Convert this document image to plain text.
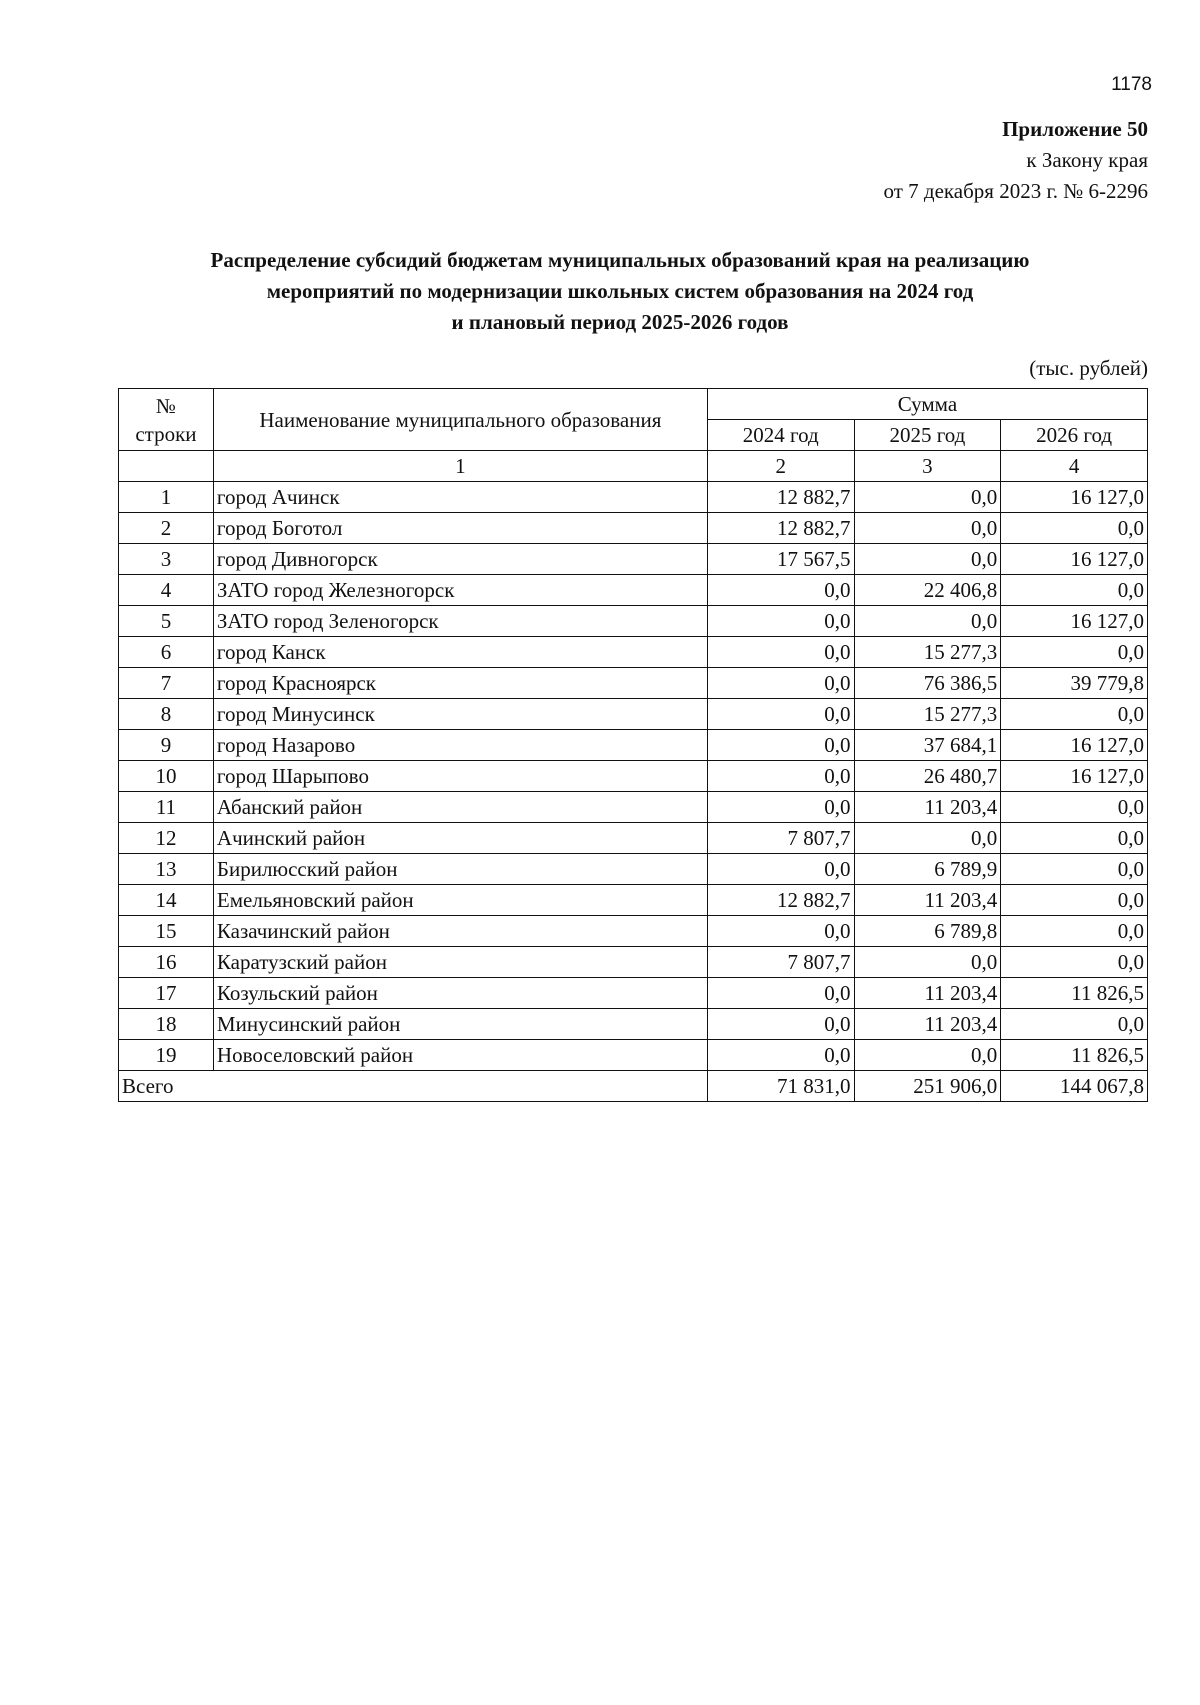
1178
Приложение 50
к Закону края
от 7 декабря 2023 г. № 6-2296
Распределение субсидий бюджетам муниципальных образований края на реализацию
мероприятий по модернизации школьных систем образования на 2024 год
и плановый период 2025-2026 годов
(тыс. рублей)
№
строки	Наименование муниципального образования	Сумма		
		2024 год	2025 год	2026 год
	1	2	3	4
1	город Ачинск	12 882,7	0,0	16 127,0
2	город Боготол	12 882,7	0,0	0,0
3	город Дивногорск	17 567,5	0,0	16 127,0
4	ЗАТО город Железногорск	0,0	22 406,8	0,0
5	ЗАТО город Зеленогорск	0,0	0,0	16 127,0
6	город Канск	0,0	15 277,3	0,0
7	город Красноярск	0,0	76 386,5	39 779,8
8	город Минусинск	0,0	15 277,3	0,0
9	город Назарово	0,0	37 684,1	16 127,0
10	город Шарыпово	0,0	26 480,7	16 127,0
11	Абанский район	0,0	11 203,4	0,0
12	Ачинский район	7 807,7	0,0	0,0
13	Бирилюсский район	0,0	6 789,9	0,0
14	Емельяновский район	12 882,7	11 203,4	0,0
15	Казачинский район	0,0	6 789,8	0,0
16	Каратузский район	7 807,7	0,0	0,0
17	Козульский район	0,0	11 203,4	11 826,5
18	Минусинский район	0,0	11 203,4	0,0
19	Новоселовский район	0,0	0,0	11 826,5
Всего		71 831,0	251 906,0	144 067,8
